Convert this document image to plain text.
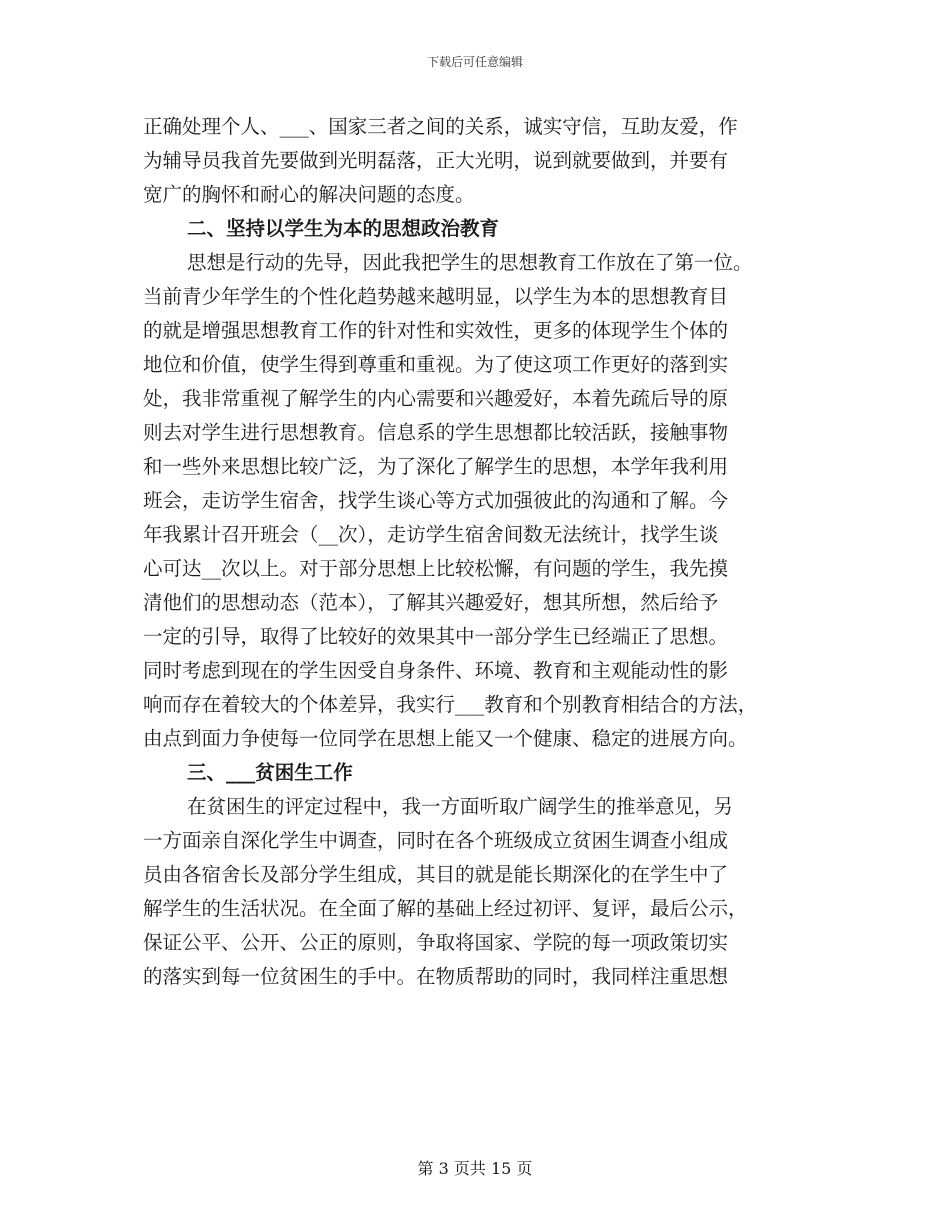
下载后可任意编辑
正确处理个人、___、国家三者之间的关系，诚实守信，互助友爱，作
为辅导员我首先要做到光明磊落，正大光明，说到就要做到，并要有
宽广的胸怀和耐心的解决问题的态度。
二、坚持以学生为本的思想政治教育
思想是行动的先导，因此我把学生的思想教育工作放在了第一位。
当前青少年学生的个性化趋势越来越明显，以学生为本的思想教育目
的就是增强思想教育工作的针对性和实效性，更多的体现学生个体的
地位和价值，使学生得到尊重和重视。为了使这项工作更好的落到实
处，我非常重视了解学生的内心需要和兴趣爱好，本着先疏后导的原
则去对学生进行思想教育。信息系的学生思想都比较活跃，接触事物
和一些外来思想比较广泛，为了深化了解学生的思想，本学年我利用
班会，走访学生宿舍，找学生谈心等方式加强彼此的沟通和了解。今
年我累计召开班会（__次），走访学生宿舍间数无法统计，找学生谈
心可达__次以上。对于部分思想上比较松懈，有问题的学生，我先摸
清他们的思想动态（范本），了解其兴趣爱好，想其所想，然后给予
一定的引导，取得了比较好的效果其中一部分学生已经端正了思想。
同时考虑到现在的学生因受自身条件、环境、教育和主观能动性的影
响而存在着较大的个体差异，我实行___教育和个别教育相结合的方法，
由点到面力争使每一位同学在思想上能又一个健康、稳定的进展方向。
三、___贫困生工作
在贫困生的评定过程中，我一方面听取广阔学生的推举意见，另
一方面亲自深化学生中调查，同时在各个班级成立贫困生调查小组成
员由各宿舍长及部分学生组成，其目的就是能长期深化的在学生中了
解学生的生活状况。在全面了解的基础上经过初评、复评，最后公示，
保证公平、公开、公正的原则，争取将国家、学院的每一项政策切实
的落实到每一位贫困生的手中。在物质帮助的同时，我同样注重思想
第 3 页共 15 页
